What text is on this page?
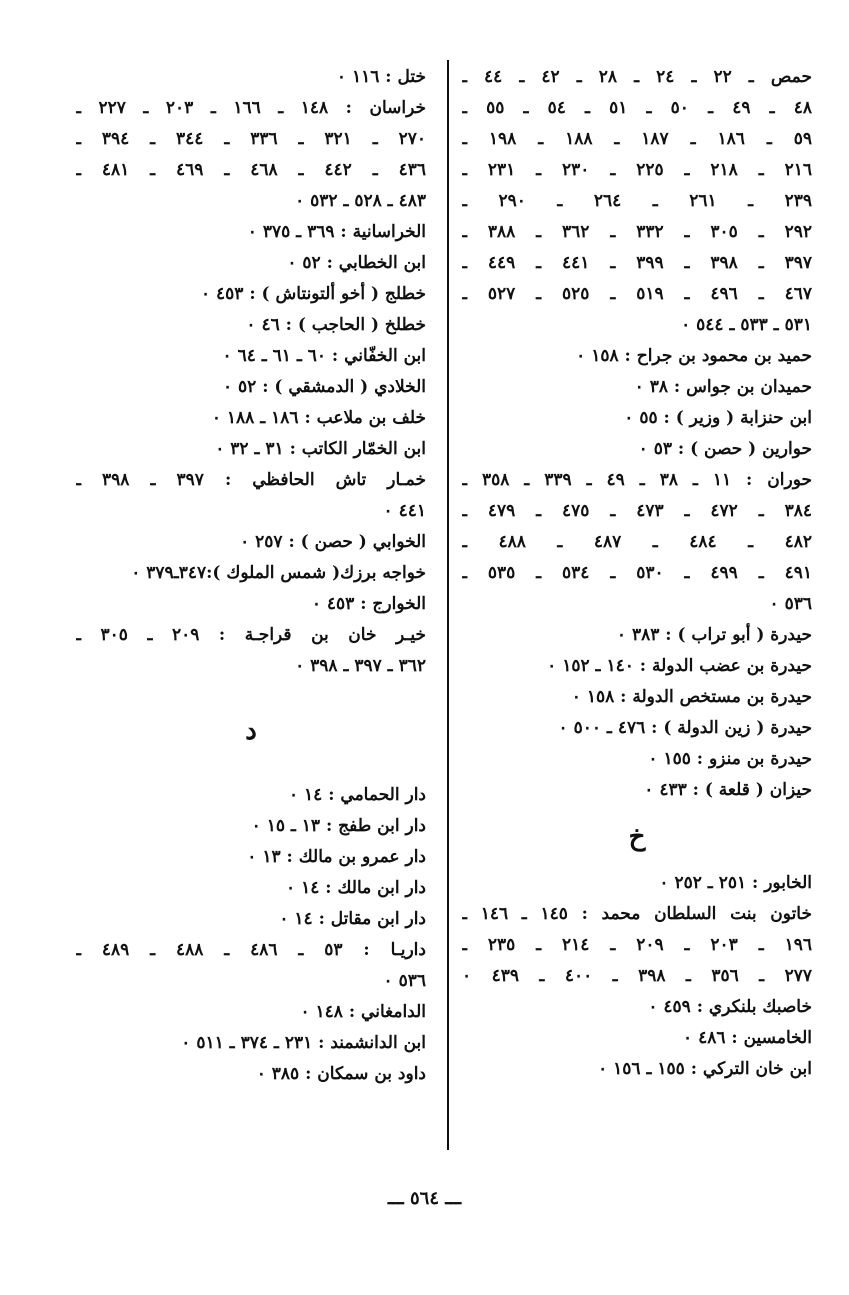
حمص ـ ٢٢ ـ ٢٤ ـ ٢٨ ـ ٤٢ ـ ٤٤ ـ
٤٨ ـ ٤٩ ـ ٥٠ ـ ٥١ ـ ٥٤ ـ ٥٥ ـ
٥٩ ـ ١٨٦ ـ ١٨٧ ـ ١٨٨ ـ ١٩٨ ـ
٢١٦ ـ ٢١٨ ـ ٢٢٥ ـ ٢٣٠ ـ ٢٣١ ـ
٢٣٩ ـ ٢٦١ ـ ٢٦٤ ـ ٢٩٠ ـ
٢٩٢ ـ ٣٠٥ ـ ٣٣٢ ـ ٣٦٢ ـ ٣٨٨ ـ
٣٩٧ ـ ٣٩٨ ـ ٣٩٩ ـ ٤٤١ ـ ٤٤٩ ـ
٤٦٧ ـ ٤٩٦ ـ ٥١٩ ـ ٥٢٥ ـ ٥٢٧ ـ
٥٣١ ـ ٥٣٣ ـ ٥٤٤ ٠
حميد بن محمود بن جراح : ١٥٨ ٠
حميدان بن جواس : ٣٨ ٠
ابن حنزابة ( وزير ) : ٥٥ ٠
حوارين ( حصن ) : ٥٣ ٠
حوران : ١١ ـ ٣٨ ـ ٤٩ ـ ٣٣٩ ـ ٣٥٨ ـ
٣٨٤ ـ ٤٧٢ ـ ٤٧٣ ـ ٤٧٥ ـ ٤٧٩ ـ
٤٨٢ ـ ٤٨٤ ـ ٤٨٧ ـ ٤٨٨ ـ
٤٩١ ـ ٤٩٩ ـ ٥٣٠ ـ ٥٣٤ ـ ٥٣٥ ـ
٥٣٦ ٠
حيدرة ( أبو تراب ) : ٣٨٣ ٠
حيدرة بن عضب الدولة : ١٤٠ ـ ١٥٢ ٠
حيدرة بن مستخص الدولة : ١٥٨ ٠
حيدرة ( زين الدولة ) : ٤٧٦ ـ ٥٠٠ ٠
حيدرة بن منزو : ١٥٥ ٠
حيزان ( قلعة ) : ٤٣٣ ٠
خ
الخابور : ٢٥١ ـ ٢٥٢ ٠
خاتون بنت السلطان محمد : ١٤٥ ـ ١٤٦ ـ
١٩٦ ـ ٢٠٣ ـ ٢٠٩ ـ ٢١٤ ـ ٢٣٥ ـ
٢٧٧ ـ ٣٥٦ ـ ٣٩٨ ـ ٤٠٠ ـ ٤٣٩ ٠
خاصبك بلنكري : ٤٥٩ ٠
الخامسين : ٤٨٦ ٠
ابن خان التركي : ١٥٥ ـ ١٥٦ ٠
ختل : ١١٦ ٠
خراسان : ١٤٨ ـ ١٦٦ ـ ٢٠٣ ـ ٢٢٧ ـ
٢٧٠ ـ ٣٢١ ـ ٣٣٦ ـ ٣٤٤ ـ ٣٩٤ ـ
٤٣٦ ـ ٤٤٢ ـ ٤٦٨ ـ ٤٦٩ ـ ٤٨١ ـ
٤٨٣ ـ ٥٢٨ ـ ٥٣٢ ٠
الخراسانية : ٣٦٩ ـ ٣٧٥ ٠
ابن الخطابي : ٥٢ ٠
خطلج ( أخو ألتونتاش ) : ٤٥٣ ٠
خطلخ ( الحاجب ) : ٤٦ ٠
ابن الخفّاني : ٦٠ ـ ٦١ ـ ٦٤ ٠
الخلادي ( الدمشقي ) : ٥٢ ٠
خلف بن ملاعب : ١٨٦ ـ ١٨٨ ٠
ابن الخمّار الكاتب : ٣١ ـ ٣٢ ٠
خمـار تاش الحافظي : ٣٩٧ ـ ٣٩٨ ـ
٤٤١ ٠
الخوابي ( حصن ) : ٢٥٧ ٠
خواجه برزك( شمس الملوك ):٣٤٧ـ٣٧٩ ٠
الخوارج : ٤٥٣ ٠
خيـر خان بن قراجـة : ٢٠٩ ـ ٣٠٥ ـ
٣٦٢ ـ ٣٩٧ ـ ٣٩٨ ٠
د
دار الحمامي : ١٤ ٠
دار ابن طفج : ١٣ ـ ١٥ ٠
دار عمرو بن مالك : ١٣ ٠
دار ابن مالك : ١٤ ٠
دار ابن مقاتل : ١٤ ٠
داريـا : ٥٣ ـ ٤٨٦ ـ ٤٨٨ ـ ٤٨٩ ـ
٥٣٦ ٠
الدامغاني : ١٤٨ ٠
ابن الدانشمند : ٢٣١ ـ ٣٧٤ ـ ٥١١ ٠
داود بن سمكان : ٣٨٥ ٠
ـــ ٥٦٤ ـــ
